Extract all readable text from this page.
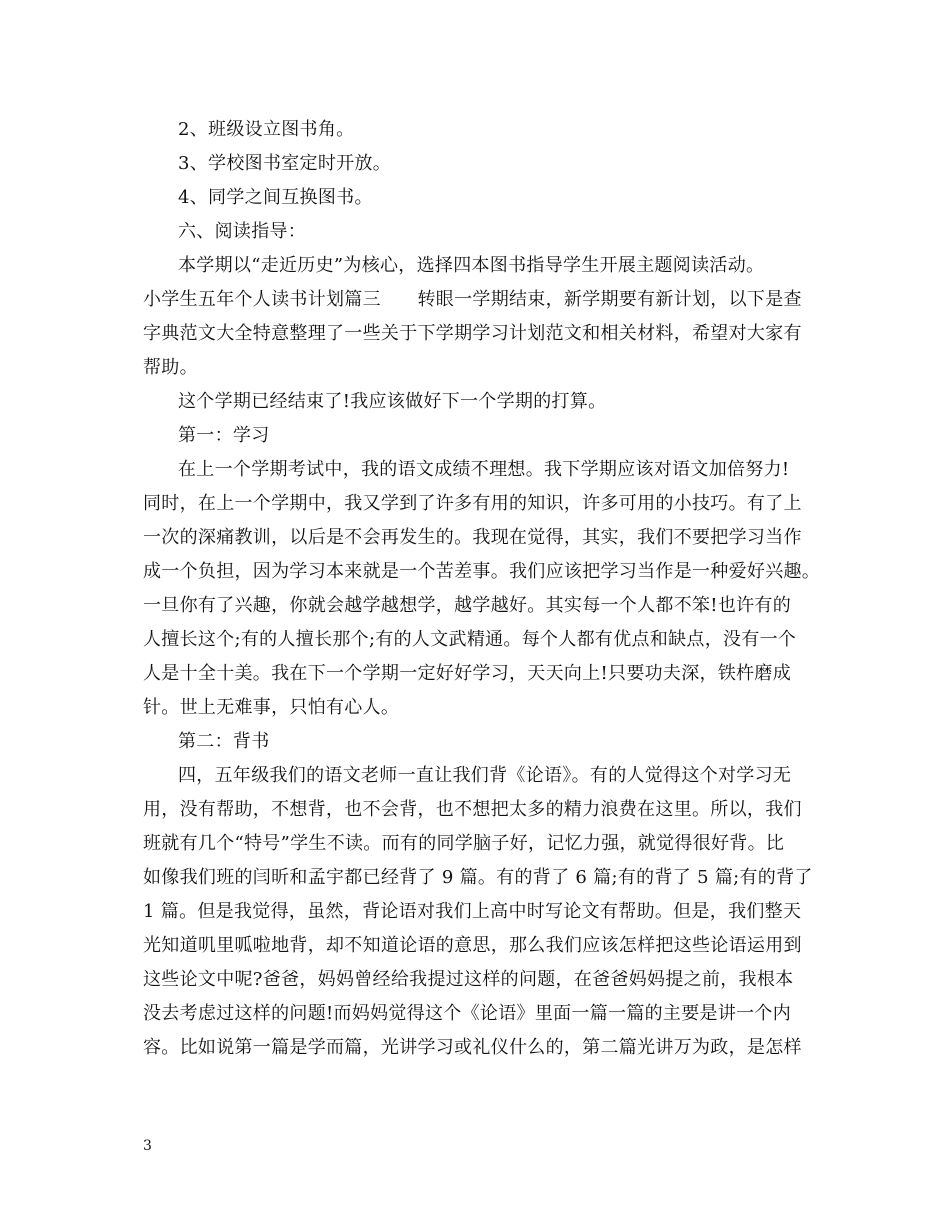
2、班级设立图书角。
3、学校图书室定时开放。
4、同学之间互换图书。
六、阅读指导：
本学期以“走近历史”为核心，选择四本图书指导学生开展主题阅读活动。
小学生五年个人读书计划篇三　　转眼一学期结束，新学期要有新计划，以下是查
字典范文大全特意整理了一些关于下学期学习计划范文和相关材料，希望对大家有
帮助。
这个学期已经结束了!我应该做好下一个学期的打算。
第一：学习
在上一个学期考试中，我的语文成绩不理想。我下学期应该对语文加倍努力!
同时，在上一个学期中，我又学到了许多有用的知识，许多可用的小技巧。有了上
一次的深痛教训，以后是不会再发生的。我现在觉得，其实，我们不要把学习当作
成一个负担，因为学习本来就是一个苦差事。我们应该把学习当作是一种爱好兴趣。
一旦你有了兴趣，你就会越学越想学，越学越好。其实每一个人都不笨!也许有的
人擅长这个;有的人擅长那个;有的人文武精通。每个人都有优点和缺点，没有一个
人是十全十美。我在下一个学期一定好好学习，天天向上!只要功夫深，铁杵磨成
针。世上无难事，只怕有心人。
第二：背书
四，五年级我们的语文老师一直让我们背《论语》。有的人觉得这个对学习无
用，没有帮助，不想背，也不会背，也不想把太多的精力浪费在这里。所以，我们
班就有几个“特号”学生不读。而有的同学脑子好，记忆力强，就觉得很好背。比
如像我们班的闫昕和孟宇都已经背了 9 篇。有的背了 6 篇;有的背了 5 篇;有的背了
1 篇。但是我觉得，虽然，背论语对我们上高中时写论文有帮助。但是，我们整天
光知道叽里呱啦地背，却不知道论语的意思，那么我们应该怎样把这些论语运用到
这些论文中呢?爸爸，妈妈曾经给我提过这样的问题，在爸爸妈妈提之前，我根本
没去考虑过这样的问题!而妈妈觉得这个《论语》里面一篇一篇的主要是讲一个内
容。比如说第一篇是学而篇，光讲学习或礼仪什么的，第二篇光讲万为政，是怎样
3
